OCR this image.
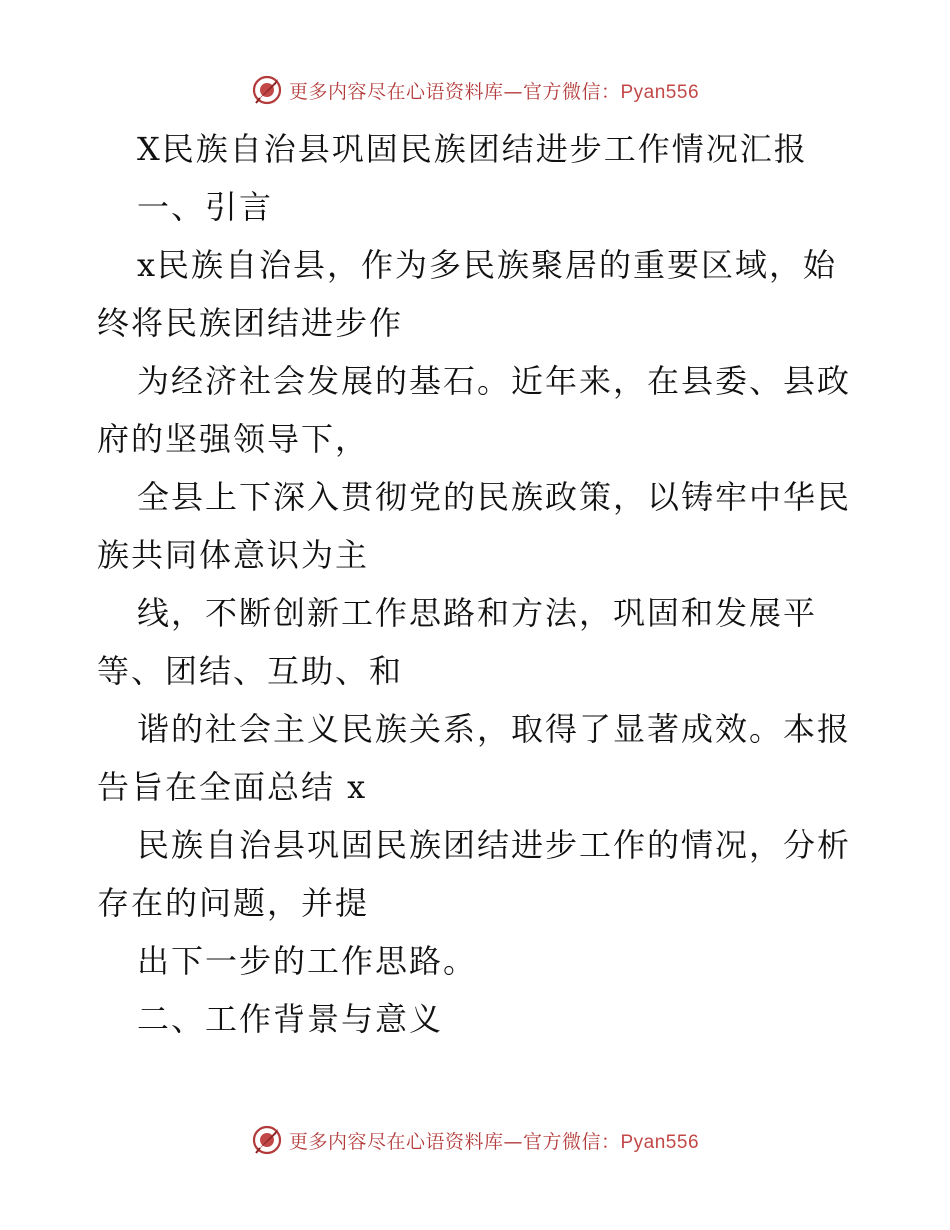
更多内容尽在心语资料库—官方微信：Pyan556
X民族自治县巩固民族团结进步工作情况汇报
一、引言
x民族自治县，作为多民族聚居的重要区域，始
终将民族团结进步作
为经济社会发展的基石。近年来，在县委、县政
府的坚强领导下，
全县上下深入贯彻党的民族政策，以铸牢中华民
族共同体意识为主
线，不断创新工作思路和方法，巩固和发展平
等、团结、互助、和
谐的社会主义民族关系，取得了显著成效。本报
告旨在全面总结 x
民族自治县巩固民族团结进步工作的情况，分析
存在的问题，并提
出下一步的工作思路。
二、工作背景与意义
更多内容尽在心语资料库—官方微信：Pyan556
